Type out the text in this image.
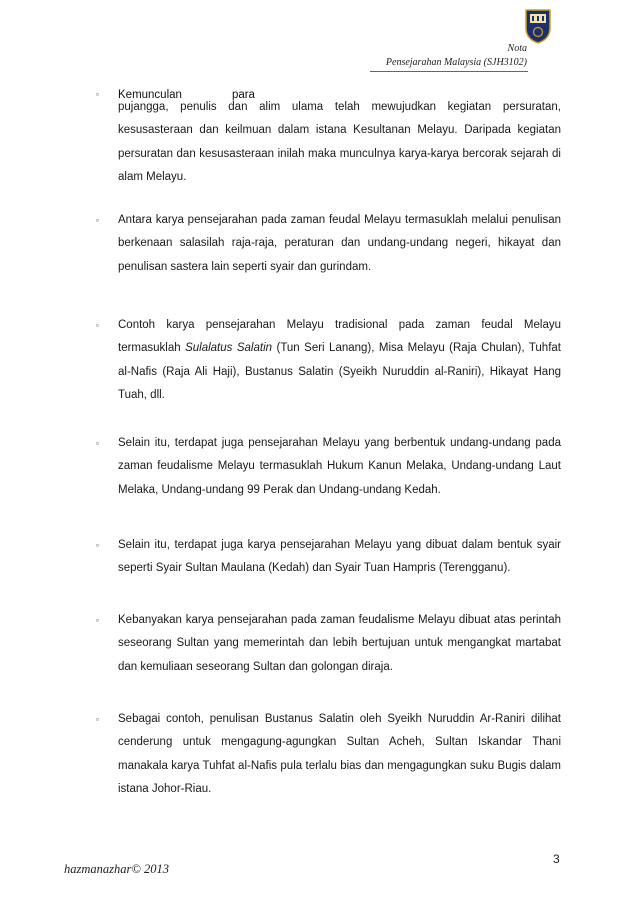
Nota
Pensejarahan Malaysia (SJH3102)
▫ Kemunculan	para
pujangga, penulis dan alim ulama telah mewujudkan kegiatan persuratan, kesusasteraan dan keilmuan dalam istana Kesultanan Melayu. Daripada kegiatan persuratan dan kesusasteraan inilah maka munculnya karya-karya bercorak sejarah di alam Melayu.
▫ Antara karya pensejarahan pada zaman feudal Melayu termasuklah melalui penulisan berkenaan salasilah raja-raja, peraturan dan undang-undang negeri, hikayat dan penulisan sastera lain seperti syair dan gurindam.
▫ Contoh karya pensejarahan Melayu tradisional pada zaman feudal Melayu termasuklah Sulalatus Salatin (Tun Seri Lanang), Misa Melayu (Raja Chulan), Tuhfat al-Nafis (Raja Ali Haji), Bustanus Salatin (Syeikh Nuruddin al-Raniri), Hikayat Hang Tuah, dll.
▫ Selain itu, terdapat juga pensejarahan Melayu yang berbentuk undang-undang pada zaman feudalisme Melayu termasuklah Hukum Kanun Melaka, Undang-undang Laut Melaka, Undang-undang 99 Perak dan Undang-undang Kedah.
▫ Selain itu, terdapat juga karya pensejarahan Melayu yang dibuat dalam bentuk syair seperti Syair Sultan Maulana (Kedah) dan Syair Tuan Hampris (Terengganu).
▫ Kebanyakan karya pensejarahan pada zaman feudalisme Melayu dibuat atas perintah seseorang Sultan yang memerintah dan lebih bertujuan untuk mengangkat martabat dan kemuliaan seseorang Sultan dan golongan diraja.
▫ Sebagai contoh, penulisan Bustanus Salatin oleh Syeikh Nuruddin Ar-Raniri dilihat cenderung untuk mengagung-agungkan Sultan Acheh, Sultan Iskandar Thani manakala karya Tuhfat al-Nafis pula terlalu bias dan mengagungkan suku Bugis dalam istana Johor-Riau.
hazmanazhar© 2013
3
